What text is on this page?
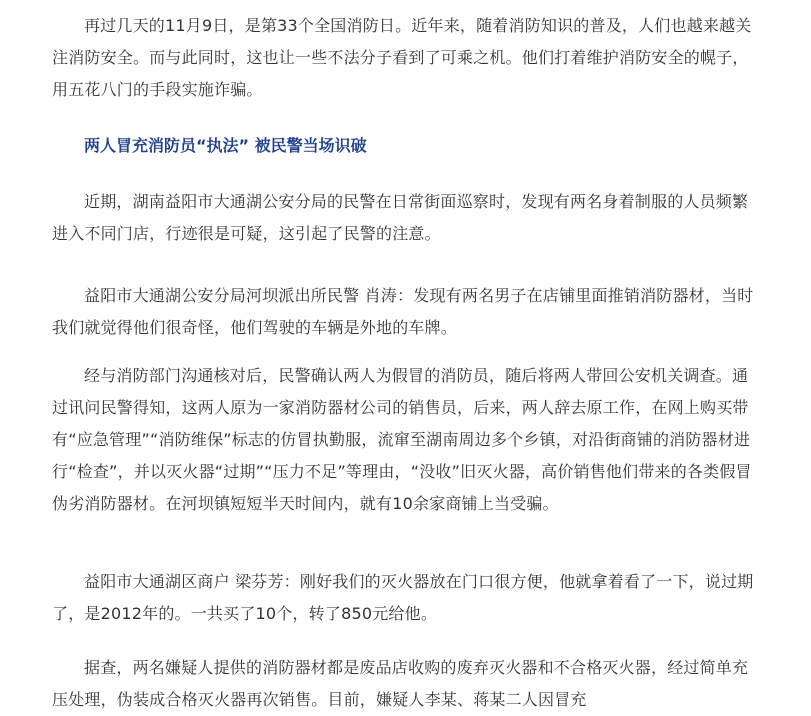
再过几天的11月9日，是第33个全国消防日。近年来，随着消防知识的普及，人们也越来越关注消防安全。而与此同时，这也让一些不法分子看到了可乘之机。他们打着维护消防安全的幌子，用五花八门的手段实施诈骗。

两人冒充消防员“执法” 被民警当场识破

近期，湖南益阳市大通湖公安分局的民警在日常街面巡察时，发现有两名身着制服的人员频繁进入不同门店，行迹很是可疑，这引起了民警的注意。

益阳市大通湖公安分局河坝派出所民警 肖涛：发现有两名男子在店铺里面推销消防器材，当时我们就觉得他们很奇怪，他们驾驶的车辆是外地的车牌。

经与消防部门沟通核对后，民警确认两人为假冒的消防员，随后将两人带回公安机关调查。通过讯问民警得知，这两人原为一家消防器材公司的销售员，后来，两人辞去原工作，在网上购买带有“应急管理”“消防维保”标志的仿冒执勤服，流窜至湖南周边多个乡镇，对沿街商铺的消防器材进行“检查”，并以灭火器“过期”“压力不足”等理由，“没收”旧灭火器，高价销售他们带来的各类假冒伪劣消防器材。在河坝镇短短半天时间内，就有10余家商铺上当受骗。

益阳市大通湖区商户 梁芬芳：刚好我们的灭火器放在门口很方便，他就拿着看了一下，说过期了，是2012年的。一共买了10个，转了850元给他。

据查，两名嫌疑人提供的消防器材都是废品店收购的废弃灭火器和不合格灭火器，经过简单充压处理，伪装成合格灭火器再次销售。目前，嫌疑人李某、蒋某二人因冒充
